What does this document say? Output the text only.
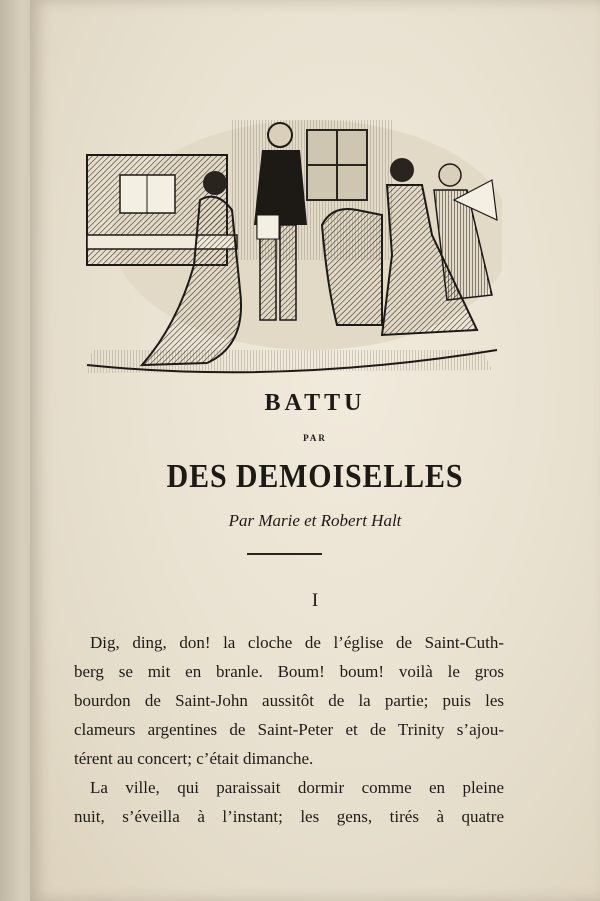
BATTU
PAR
DES DEMOISELLES
Par Marie et Robert Halt
I

Dig, ding, don! la cloche de l’église de Saint-Cuth-
berg se mit en branle. Boum! boum! voilà le gros
bourdon de Saint-John aussitôt de la partie; puis les
clameurs argentines de Saint-Peter et de Trinity s’ajou-
térent au concert; c’était dimanche.

La ville, qui paraissait dormir comme en pleine
nuit, s’éveilla à l’instant; les gens, tirés à quatre
